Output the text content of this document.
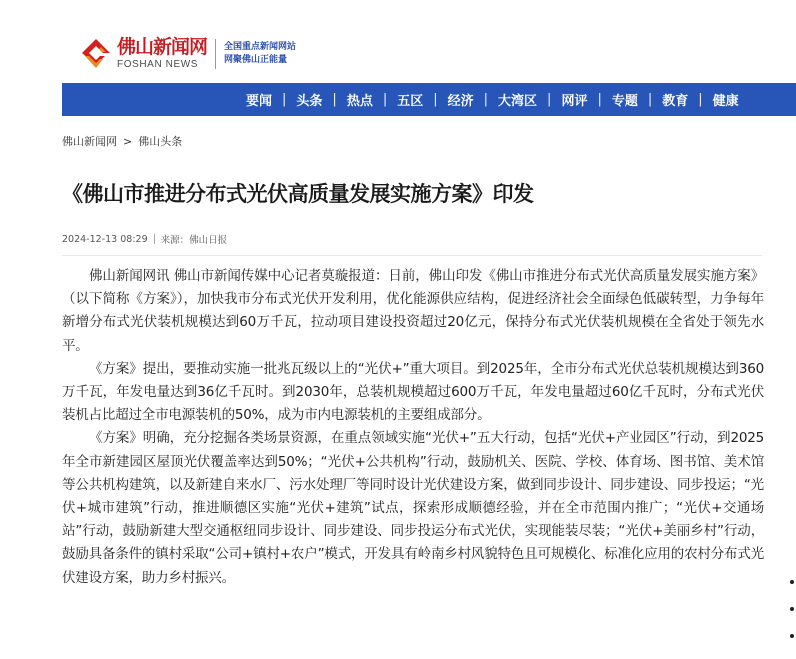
佛山新闻网
FOSHAN NEWS
全国重点新闻网站
网聚佛山正能量
要闻 | 头条 | 热点 | 五区 | 经济 | 大湾区 | 网评 | 专题 | 教育 | 健康
佛山新闻网 > 佛山头条
《佛山市推进分布式光伏高质量发展实施方案》印发
2024-12-13 08:29 来源：佛山日报

佛山新闻网讯 佛山市新闻传媒中心记者莫璇报道：日前，佛山印发《佛山市推进分布式光伏高质量发展实施方案》（以下简称《方案》），加快我市分布式光伏开发利用，优化能源供应结构，促进经济社会全面绿色低碳转型，力争每年新增分布式光伏装机规模达到60万千瓦，拉动项目建设投资超过20亿元，保持分布式光伏装机规模在全省处于领先水平。

《方案》提出，要推动实施一批兆瓦级以上的“光伏+”重大项目。到2025年，全市分布式光伏总装机规模达到360万千瓦，年发电量达到36亿千瓦时。到2030年，总装机规模超过600万千瓦，年发电量超过60亿千瓦时，分布式光伏装机占比超过全市电源装机的50%，成为市内电源装机的主要组成部分。

《方案》明确，充分挖掘各类场景资源，在重点领域实施“光伏+”五大行动，包括“光伏+产业园区”行动，到2025年全市新建园区屋顶光伏覆盖率达到50%；“光伏+公共机构”行动，鼓励机关、医院、学校、体育场、图书馆、美术馆等公共机构建筑，以及新建自来水厂、污水处理厂等同时设计光伏建设方案，做到同步设计、同步建设、同步投运；“光伏+城市建筑”行动，推进顺德区实施“光伏+建筑”试点，探索形成顺德经验，并在全市范围内推广；“光伏+交通场站”行动，鼓励新建大型交通枢纽同步设计、同步建设、同步投运分布式光伏，实现能装尽装；“光伏+美丽乡村”行动，鼓励具备条件的镇村采取“公司+镇村+农户”模式，开发具有岭南乡村风貌特色且可规模化、标准化应用的农村分布式光伏建设方案，助力乡村振兴。
